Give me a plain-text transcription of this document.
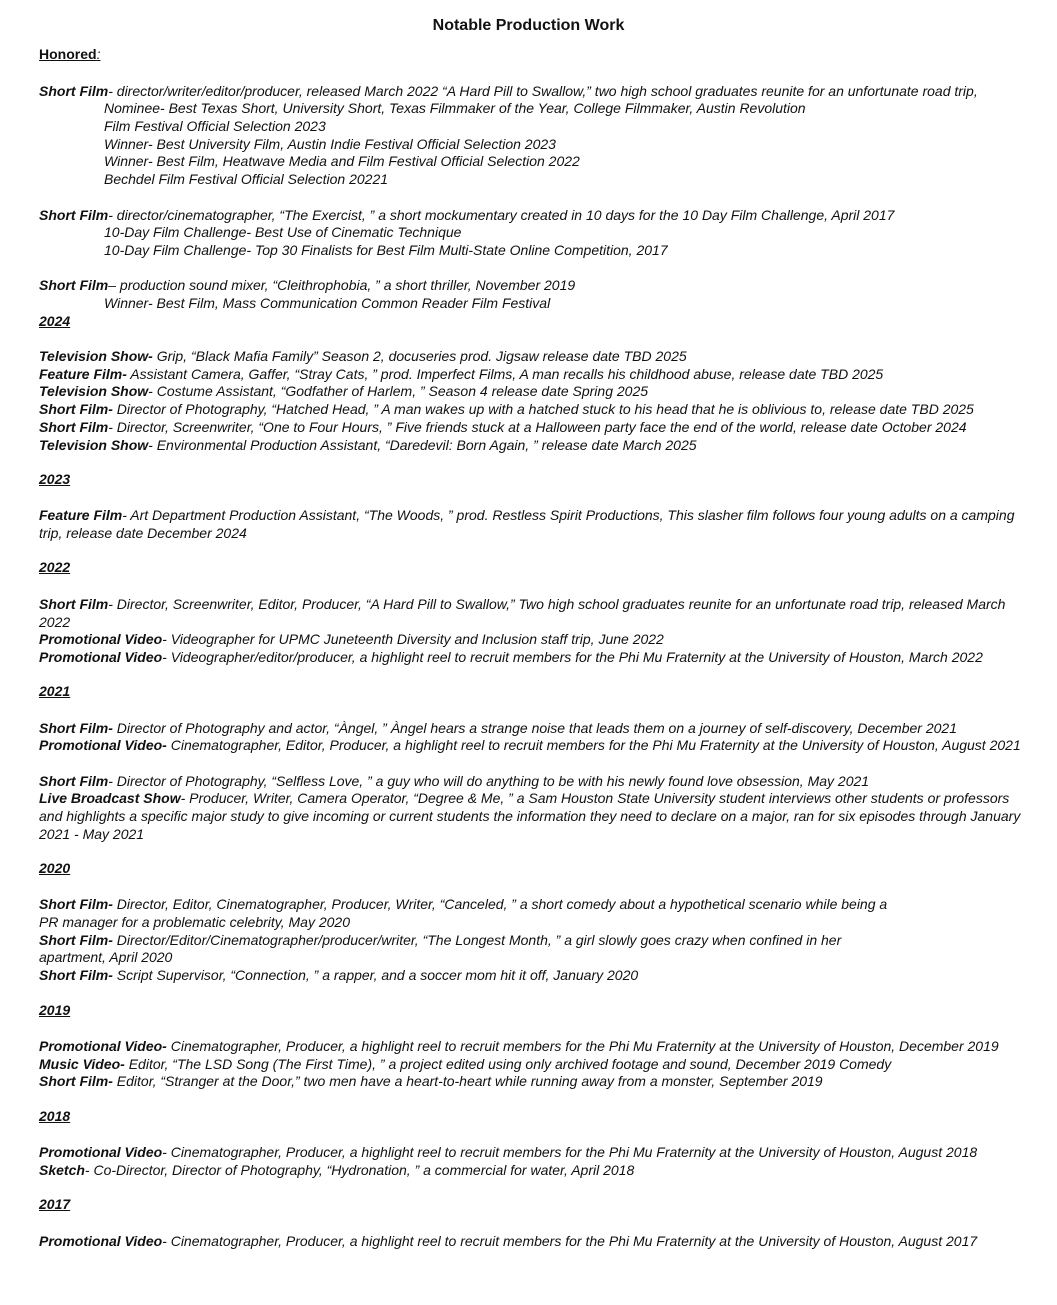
Notable Production Work
Honored:
Short Film- director/writer/editor/producer, released March 2022 “A Hard Pill to Swallow,” two high school graduates reunite for an unfortunate road trip,
Nominee- Best Texas Short, University Short, Texas Filmmaker of the Year, College Filmmaker, Austin Revolution
Film Festival Official Selection 2023
Winner- Best University Film, Austin Indie Festival Official Selection 2023
Winner- Best Film, Heatwave Media and Film Festival Official Selection 2022
Bechdel Film Festival Official Selection 20221
Short Film- director/cinematographer, “The Exercist, ” a short mockumentary created in 10 days for the 10 Day Film Challenge, April 2017
10-Day Film Challenge- Best Use of Cinematic Technique
10-Day Film Challenge- Top 30 Finalists for Best Film Multi-State Online Competition, 2017
Short Film– production sound mixer, “Cleithrophobia, ” a short thriller, November 2019
Winner- Best Film, Mass Communication Common Reader Film Festival
2024
Television Show- Grip, “Black Mafia Family” Season 2, docuseries prod. Jigsaw release date TBD 2025
Feature Film- Assistant Camera, Gaffer, “Stray Cats, ” prod. Imperfect Films, A man recalls his childhood abuse, release date TBD 2025
Television Show- Costume Assistant, “Godfather of Harlem, ” Season 4 release date Spring 2025
Short Film- Director of Photography, “Hatched Head, ” A man wakes up with a hatched stuck to his head that he is oblivious to, release date TBD 2025
Short Film- Director, Screenwriter, “One to Four Hours, ” Five friends stuck at a Halloween party face the end of the world, release date October 2024
Television Show- Environmental Production Assistant, “Daredevil: Born Again, ” release date March 2025
2023
Feature Film- Art Department Production Assistant, “The Woods, ” prod. Restless Spirit Productions, This slasher film follows four young adults on a camping trip, release date December 2024
2022
Short Film- Director, Screenwriter, Editor, Producer, “A Hard Pill to Swallow,” Two high school graduates reunite for an unfortunate road trip, released March 2022
Promotional Video- Videographer for UPMC Juneteenth Diversity and Inclusion staff trip, June 2022
Promotional Video- Videographer/editor/producer, a highlight reel to recruit members for the Phi Mu Fraternity at the University of Houston, March 2022
2021
Short Film- Director of Photography and actor, “Àngel, ” Àngel hears a strange noise that leads them on a journey of self-discovery, December 2021
Promotional Video- Cinematographer, Editor, Producer, a highlight reel to recruit members for the Phi Mu Fraternity at the University of Houston, August 2021
Short Film- Director of Photography, “Selfless Love, ” a guy who will do anything to be with his newly found love obsession, May 2021
Live Broadcast Show- Producer, Writer, Camera Operator, “Degree & Me, ” a Sam Houston State University student interviews other students or professors and highlights a specific major study to give incoming or current students the information they need to declare on a major, ran for six episodes through January 2021 - May 2021
2020
Short Film- Director, Editor, Cinematographer, Producer, Writer, “Canceled, ” a short comedy about a hypothetical scenario while being a
PR manager for a problematic celebrity, May 2020
Short Film- Director/Editor/Cinematographer/producer/writer, “The Longest Month, ” a girl slowly goes crazy when confined in her
apartment, April 2020
Short Film- Script Supervisor, “Connection, ” a rapper, and a soccer mom hit it off, January 2020
2019
Promotional Video- Cinematographer, Producer, a highlight reel to recruit members for the Phi Mu Fraternity at the University of Houston, December 2019
Music Video- Editor, “The LSD Song (The First Time), ” a project edited using only archived footage and sound, December 2019 Comedy
Short Film- Editor, “Stranger at the Door,” two men have a heart-to-heart while running away from a monster, September 2019
2018
Promotional Video- Cinematographer, Producer, a highlight reel to recruit members for the Phi Mu Fraternity at the University of Houston, August 2018
Sketch- Co-Director, Director of Photography, “Hydronation, ” a commercial for water, April 2018
2017
Promotional Video- Cinematographer, Producer, a highlight reel to recruit members for the Phi Mu Fraternity at the University of Houston, August 2017
